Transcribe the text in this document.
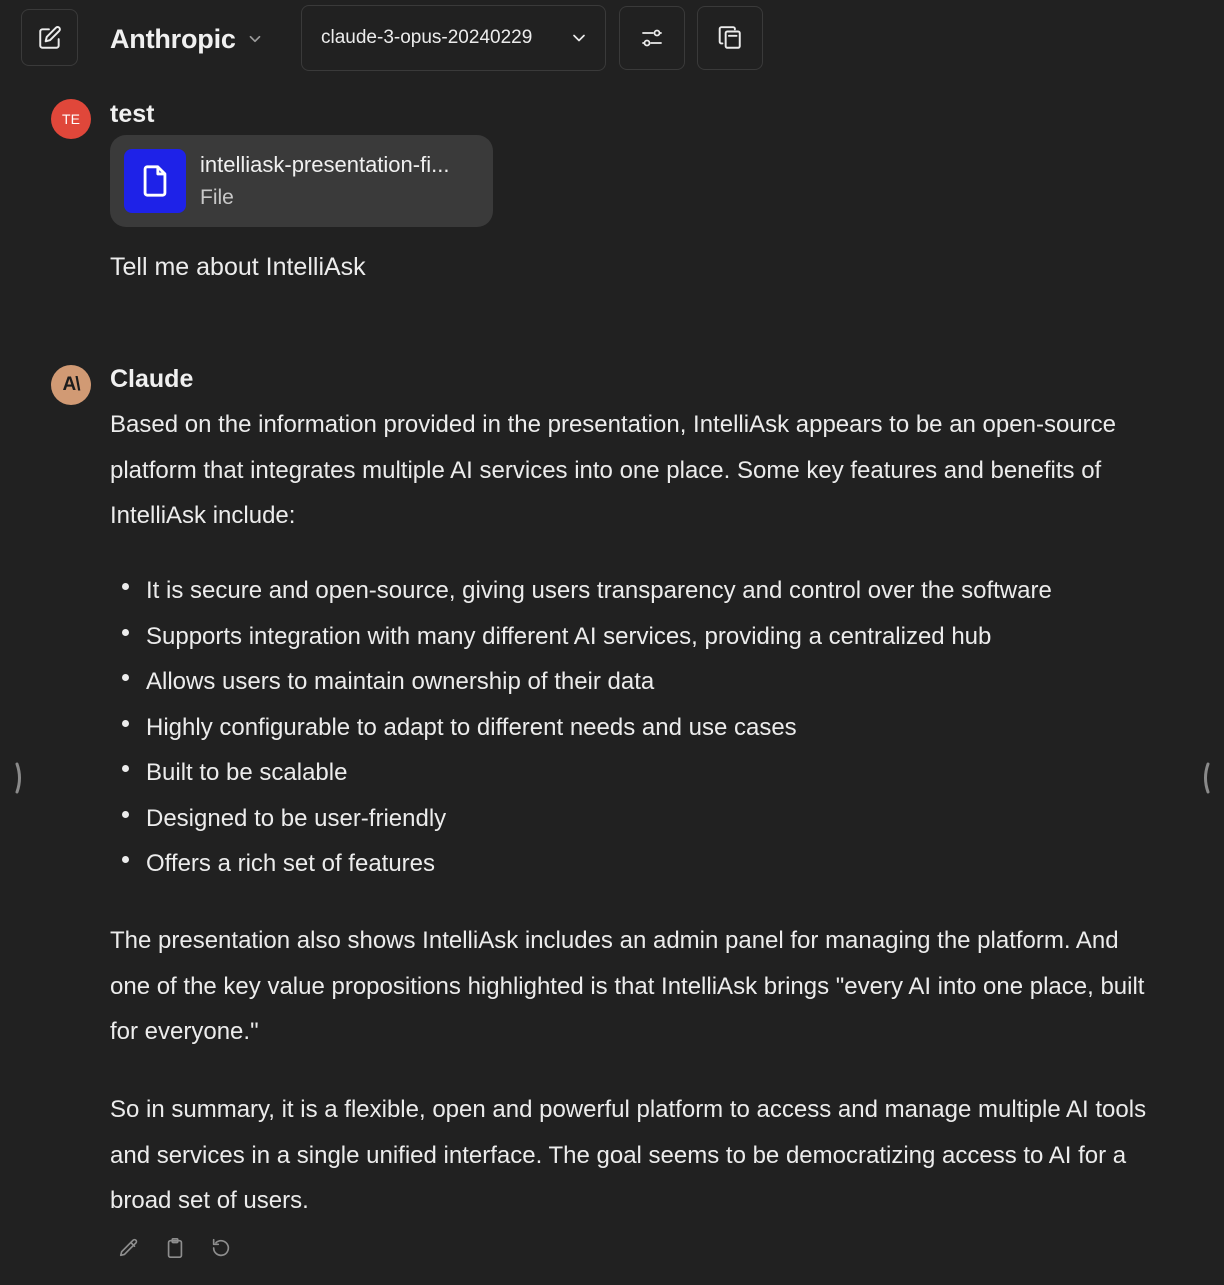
Anthropic	claude-3-opus-20240229
TE	test
intelliask-presentation-fi...
File
Tell me about IntelliAsk
A\	Claude

Based on the information provided in the presentation, IntelliAsk appears to be an open-source platform that integrates multiple AI services into one place. Some key features and benefits of IntelliAsk include:

It is secure and open-source, giving users transparency and control over the software
Supports integration with many different AI services, providing a centralized hub
Allows users to maintain ownership of their data
Highly configurable to adapt to different needs and use cases
Built to be scalable
Designed to be user-friendly
Offers a rich set of features

The presentation also shows IntelliAsk includes an admin panel for managing the platform. And one of the key value propositions highlighted is that IntelliAsk brings "every AI into one place, built for everyone."

So in summary, it is a flexible, open and powerful platform to access and manage multiple AI tools and services in a single unified interface. The goal seems to be democratizing access to AI for a broad set of users.
